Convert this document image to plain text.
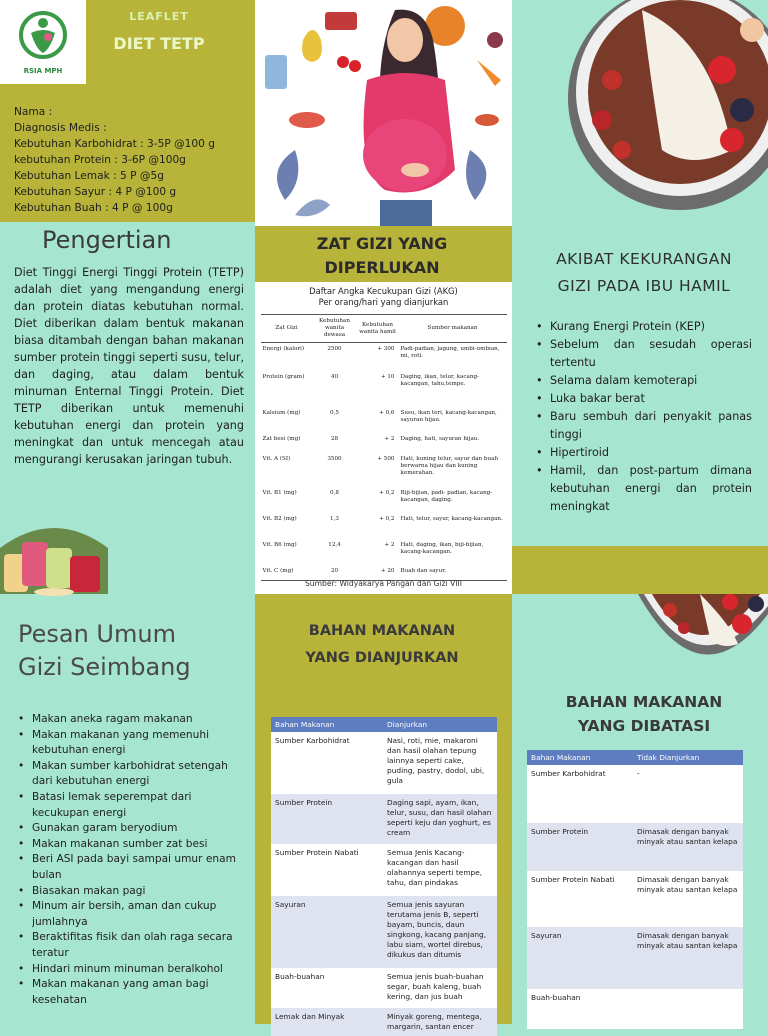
RSIA MPH
LEAFLET
DIET TETP
Nama :
Diagnosis Medis :
Kebutuhan Karbohidrat : 3-5P @100 g
kebutuhan Protein : 3-6P @100g
Kebutuhan Lemak : 5 P @5g
Kebutuhan Sayur : 4 P @100 g
Kebutuhan Buah : 4 P @ 100g
Pengertian
Diet Tinggi Energi Tinggi Protein (TETP) adalah diet yang mengandung energi dan protein diatas kebutuhan normal. Diet diberikan dalam bentuk makanan biasa ditambah dengan bahan makanan sumber protein tinggi seperti susu, telur, dan daging, atau dalam bentuk minuman Enternal Tinggi Protein. Diet TETP diberikan untuk memenuhi kebutuhan energi dan protein yang meningkat dan untuk mencegah atau mengurangi kerusakan jaringan tubuh.
ZAT GIZI YANG
DIPERLUKAN
Daftar Angka Kecukupan Gizi (AKG)
Per orang/hari yang dianjurkan
Zat Gizi	Kebutuhan wanita dewasa	Kebutuhan wanita hamil	Sumber makanan
Energi (kalori)	2500	+ 300	Padi-padian, jagung, umbi-umbian, mi, roti.
Protein (gram)	40	+ 10	Daging, ikan, telur, kacang-kacangan, tahu,tempe.
Kalsium (mg)	0,5	+ 0,6	Susu, ikan teri, kacang-kacangan, sayuran hijau.
Zat besi (mg)	28	+ 2	Daging, hati, sayuran hijau.
Vit. A (SI)	3500	+ 500	Hati, kuning telur, sayur dan buah berwarna hijau dan kuning kemerahan.
Vit. B1 (mg)	0,8	+ 0,2	Biji-bijian, padi- padian, kacang-kacangan, daging.
Vit. B2 (mg)	1,3	+ 0,2	Hati, telur, sayur, kacang-kacangan.
Vit. B6 (mg)	12,4	+ 2	Hati, daging, ikan, biji-bijian, kacang-kacangan.
Vit. C (mg)	20	+ 20	Buah dan sayur.
Sumber: Widyakarya Pangan dan Gizi VIII
AKIBAT KEKURANGAN
GIZI PADA IBU HAMIL
• Kurang Energi Protein (KEP)
• Sebelum dan sesudah operasi tertentu
• Selama dalam kemoterapi
• Luka bakar berat
• Baru sembuh dari penyakit panas tinggi
• Hipertiroid
• Hamil, dan post-partum dimana kebutuhan energi dan protein meningkat
Pesan Umum
Gizi Seimbang
• Makan aneka ragam makanan
• Makan makanan yang memenuhi kebutuhan energi
• Makan sumber karbohidrat setengah dari kebutuhan energi
• Batasi lemak seperempat dari kecukupan energi
• Gunakan garam beryodium
• Makan makanan sumber zat besi
• Beri ASI pada bayi sampai umur enam bulan
• Biasakan makan pagi
• Minum air bersih, aman dan cukup jumlahnya
• Beraktifitas fisik dan olah raga secara teratur
• Hindari minum minuman beralkohol
• Makan makanan yang aman bagi kesehatan
BAHAN MAKANAN
YANG DIANJURKAN
Bahan Makanan	Dianjurkan
Sumber Karbohidrat	Nasi, roti, mie, makaroni dan hasil olahan tepung lainnya seperti cake, puding, pastry, dodol, ubi, gula
Sumber Protein	Daging sapi, ayam, ikan, telur, susu, dan hasil olahan seperti keju dan yoghurt, es cream
Sumber Protein Nabati	Semua Jenis Kacang-kacangan dan hasil olahannya seperti tempe, tahu, dan pindakas
Sayuran	Semua jenis sayuran terutama jenis B, seperti bayam, buncis, daun singkong, kacang panjang, labu siam, wortel direbus, dikukus dan ditumis
Buah-buahan	Semua jenis buah-buahan segar, buah kaleng, buah kering, dan jus buah
Lemak dan Minyak	Minyak goreng, mentega, margarin, santan encer
BAHAN MAKANAN
YANG DIBATASI
Bahan Makanan	Tidak Dianjurkan
Sumber Karbohidrat	-
Sumber Protein	Dimasak dengan banyak minyak atau santan kelapa
Sumber Protein Nabati	Dimasak dengan banyak minyak atau santan kelapa
Sayuran	Dimasak dengan banyak minyak atau santan kelapa
Buah-buahan	
